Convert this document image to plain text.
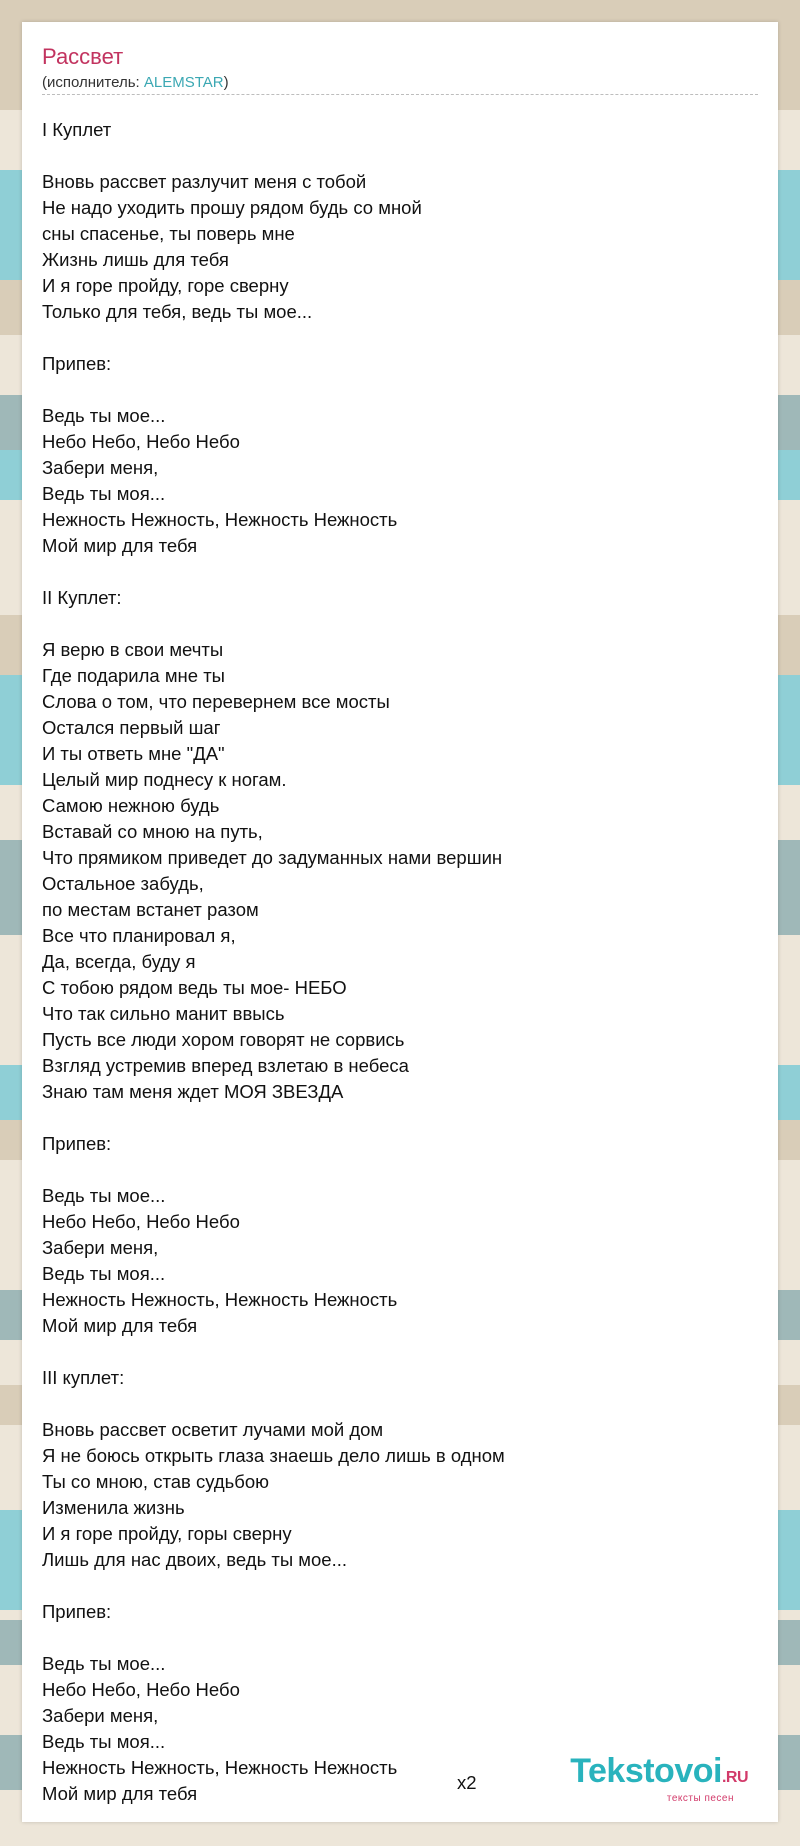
Рассвет
(исполнитель: ALEMSTAR)
I Куплет
Вновь рассвет разлучит меня с тобой
Не надо уходить прошу рядом будь со мной
сны спасенье, ты поверь мне
Жизнь лишь для тебя
И я горе пройду, горе сверну
Только для тебя, ведь ты мое...
Припев:
Ведь ты мое...
Небо Небо, Небо Небо
Забери меня,
Ведь ты моя...
Нежность Нежность, Нежность Нежность
Мой мир для тебя
II Куплет:
Я верю в свои мечты
Где подарила мне ты
Слова о том, что перевернем все мосты
Остался первый шаг
И ты ответь мне "ДА"
Целый мир поднесу к ногам.
Самою нежною будь
Вставай со мною на путь,
Что прямиком приведет до задуманных нами вершин
Остальное забудь,
по местам встанет разом
Все что планировал я,
Да, всегда, буду я
С тобою рядом ведь ты мое- НЕБО
Что так сильно манит ввысь
Пусть все люди хором говорят не сорвись
Взгляд устремив вперед взлетаю в небеса
Знаю там меня ждет МОЯ ЗВЕЗДА
Припев:
Ведь ты мое...
Небо Небо, Небо Небо
Забери меня,
Ведь ты моя...
Нежность Нежность, Нежность Нежность
Мой мир для тебя
III куплет:
Вновь рассвет осветит лучами мой дом
Я не боюсь открыть глаза знаешь дело лишь в одном
Ты со мною, став судьбою
Изменила жизнь
И я горе пройду, горы сверну
Лишь для нас двоих, ведь ты мое...
Припев:
Ведь ты мое...
Небо Небо, Небо Небо
Забери меня,
Ведь ты моя...
Нежность Нежность, Нежность Нежность
Мой мир для тебя
x2	Tekstovoi.RU
тексты песен
